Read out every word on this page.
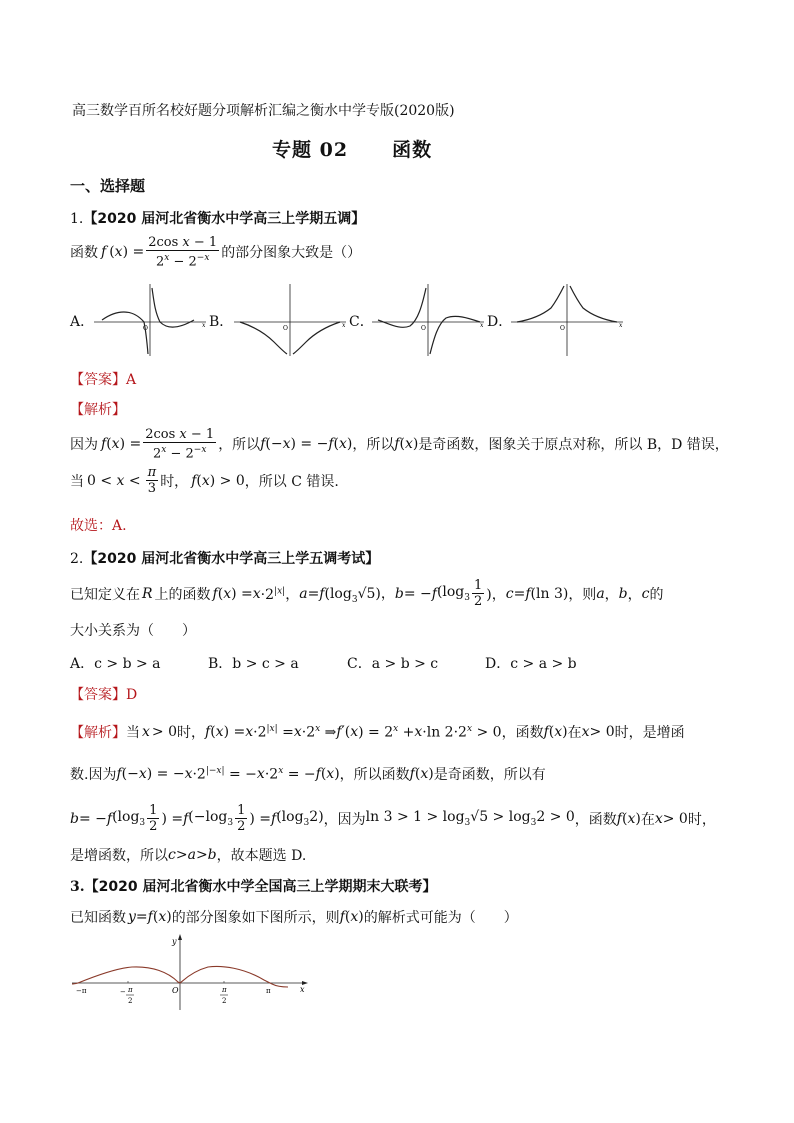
高三数学百所名校好题分项解析汇编之衡水中学专版(2020版)
专题 02 函数
一、选择题
1.【2020 届河北省衡水中学高三上学期五调】
函数 f ( x ) = $\frac{\text{2cos x − 1}}{2^x - 2^{-x}}$ 的部分图象大致是（）
A．	x
O	B．	x
O	C．	x
O	D．	x
O
【答案】A
【解析】
因为 f ( x ) = $\frac{\text{2cos x − 1}}{2^x - 2^{-x}}$ ，所以 f (− x ) = − f ( x ) ，所以 f ( x ) 是奇函数，图象关于原点对称，所以 B，D 错误，
当 $0 < x < \frac{\pi}{3}$ 时， f ( x ) > 0 ，所以 C 错误.
故选：A.
2.【2020 届河北省衡水中学高三上学五调考试】
已知定义在 R 上的函数 f ( x ) = $x \cdot 2^{|x|}$， a = f $(\log_3√5)$， b = − f ($\log_3 \frac{1}{2}$ )， c = f (ln 3) ，则 a ， b ， c 的
大小关系为（　　）
A．c > b > a	B．b > c > a	C．a > b > c	D．c > a > b
【答案】D
【解析】 当 x > 0 时， f ( x ) = $x \cdot 2^{|x|} = x \cdot 2^x$ ⇒ f ′( x ) = $2^x + x \cdot\ln$ $2\cdot 2^x > 0$ ，函数 f ( x ) 在 x > 0 时，是增函
数.因为 f (− x ) = − $x \cdot 2^{|-x|}$ = − $x \cdot 2^x$ = − f ( x ) ，所以函数 f ( x ) 是奇函数，所以有
b = − f ($\log_3 \frac{1}{2}$ ) = f ($-\log_3 \frac{1}{2}$ ) = f $(\log_32)$ ，因为 $\ln 3 > 1 > \log_3√5 > \log_32 > 0$ ，函数 f ( x ) 在 x > 0 时，
是增函数，所以 c > a > b ，故本题选 D.
3.【2020 届河北省衡水中学全国高三上学期期末大联考】
已知函数 y = f ( x ) 的部分图象如下图所示，则 f ( x ) 的解析式可能为（　　）
y
x
O
−π	π
− π
2
π
2
